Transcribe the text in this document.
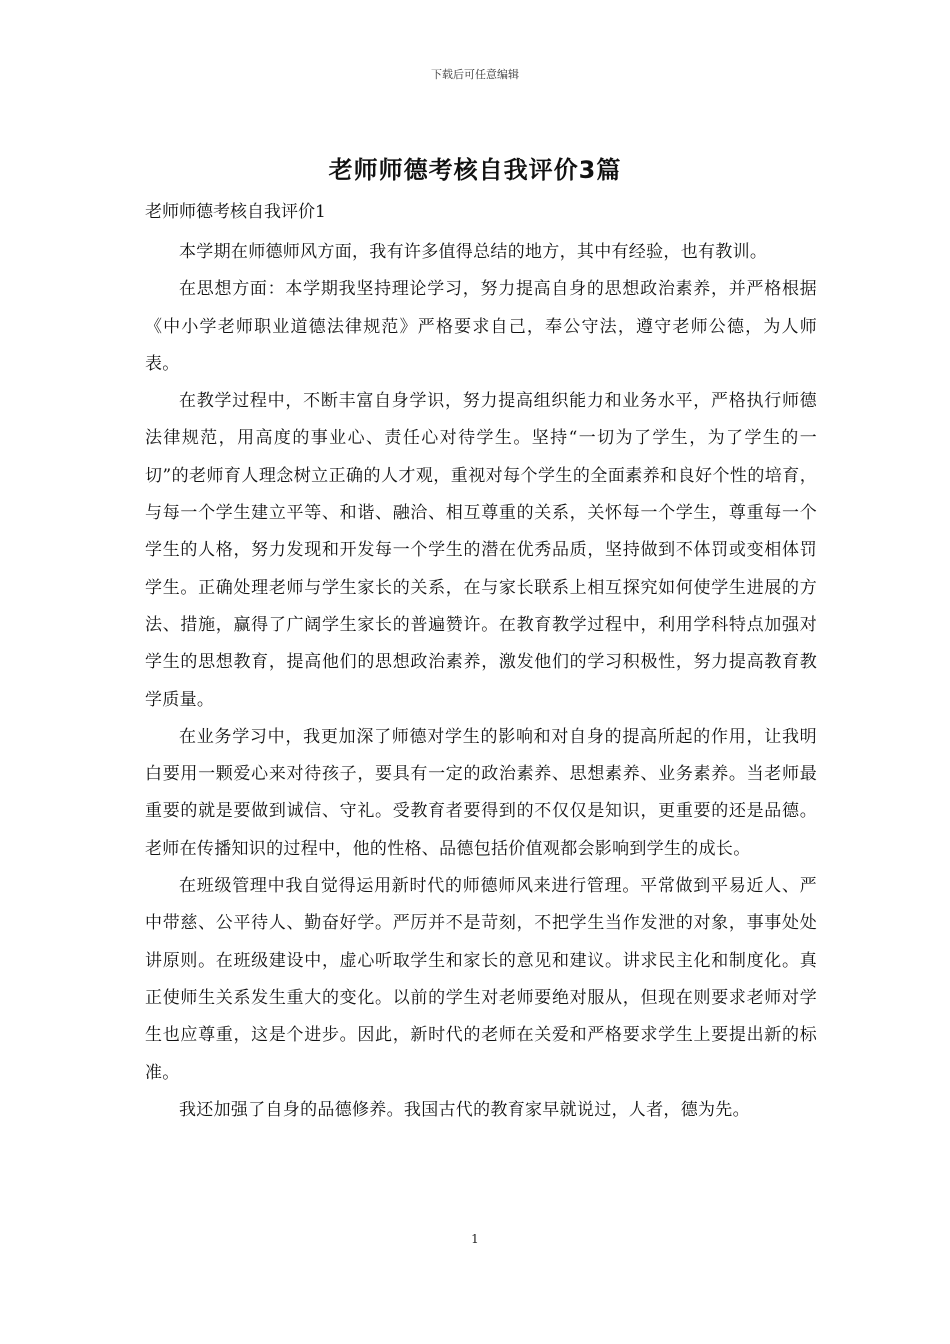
下载后可任意编辑
老师师德考核自我评价3篇

老师师德考核自我评价1

本学期在师德师风方面，我有许多值得总结的地方，其中有经验，也有教训。

在思想方面：本学期我坚持理论学习，努力提高自身的思想政治素养，并严格根据《中小学老师职业道德法律规范》严格要求自己，奉公守法，遵守老师公德，为人师表。

在教学过程中，不断丰富自身学识，努力提高组织能力和业务水平，严格执行师德法律规范，用高度的事业心、责任心对待学生。坚持“一切为了学生，为了学生的一切”的老师育人理念树立正确的人才观，重视对每个学生的全面素养和良好个性的培育，与每一个学生建立平等、和谐、融洽、相互尊重的关系，关怀每一个学生，尊重每一个学生的人格，努力发现和开发每一个学生的潜在优秀品质，坚持做到不体罚或变相体罚学生。正确处理老师与学生家长的关系，在与家长联系上相互探究如何使学生进展的方法、措施，赢得了广阔学生家长的普遍赞许。在教育教学过程中，利用学科特点加强对学生的思想教育，提高他们的思想政治素养，激发他们的学习积极性，努力提高教育教学质量。

在业务学习中，我更加深了师德对学生的影响和对自身的提高所起的作用，让我明白要用一颗爱心来对待孩子，要具有一定的政治素养、思想素养、业务素养。当老师最重要的就是要做到诚信、守礼。受教育者要得到的不仅仅是知识，更重要的还是品德。老师在传播知识的过程中，他的性格、品德包括价值观都会影响到学生的成长。

在班级管理中我自觉得运用新时代的师德师风来进行管理。平常做到平易近人、严中带慈、公平待人、勤奋好学。严厉并不是苛刻，不把学生当作发泄的对象，事事处处讲原则。在班级建设中，虚心听取学生和家长的意见和建议。讲求民主化和制度化。真正使师生关系发生重大的变化。以前的学生对老师要绝对服从，但现在则要求老师对学生也应尊重，这是个进步。因此，新时代的老师在关爱和严格要求学生上要提出新的标准。

我还加强了自身的品德修养。我国古代的教育家早就说过，人者，德为先。

1
